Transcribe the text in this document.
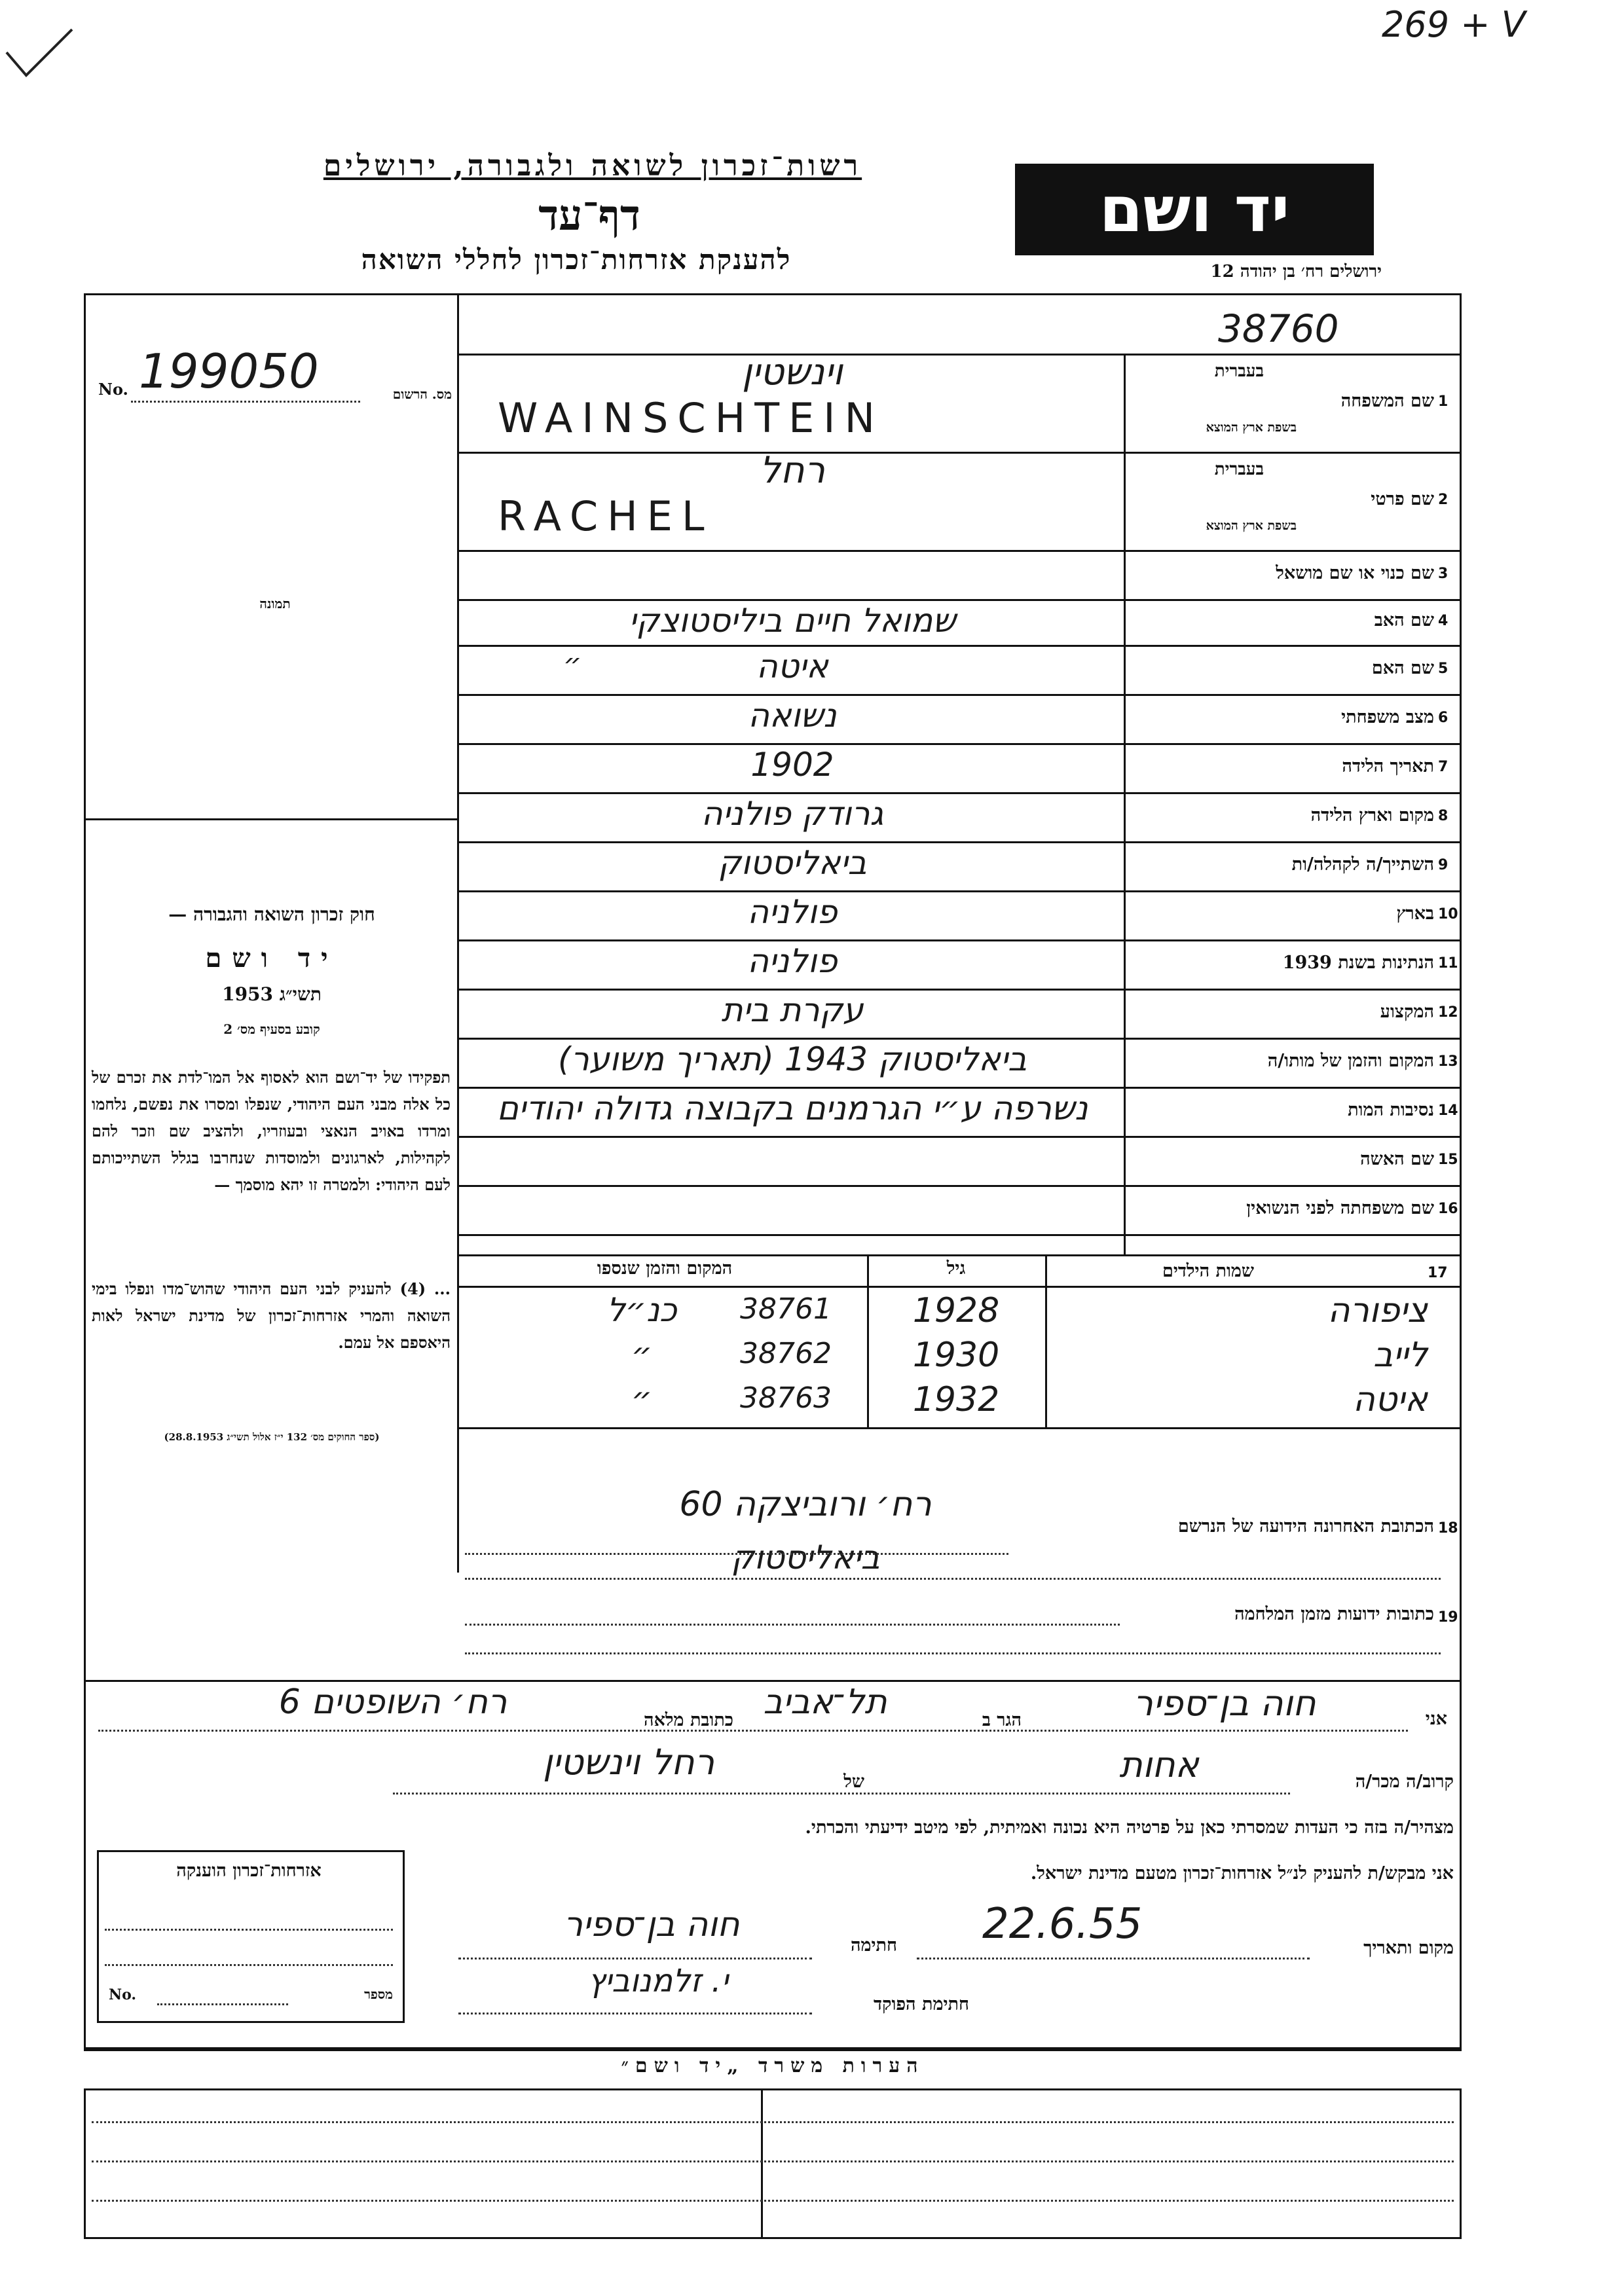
269 + V
רשות־זכרון לשואה ולגבורה, ירושלים
דף־עד
להענקת אזרחות־זכרון לחללי השואה
יד ושם
ירושלים רח׳ בן יהודה 12
38760
No. 199050	מס. הרשום
תמונה
1
שם המשפחה
בעברית
בשפת ארץ המוצא
וינשטין
WAINSCHTEIN
2
שם פרטי
בעברית
בשפת ארץ המוצא
רחל
RACHEL
3
שם כנוי או שם מושאל
4
שם האב
שמואל חיים ביליסטוצקי
5
שם האם
איטה
״
6
מצב משפחתי
נשואה
7
תאריך הלידה
1902
8
מקום וארץ הלידה
גרודק פולניה
9
השתייך/ה לקהלה/ות
ביאליסטוק
10
בארץ
פולניה
11
הנתינות בשנת 1939
פולניה
12
המקצוע
עקרת בית
13
המקום והזמן של מותו/ה
ביאליסטוק 1943 (תאריך משוער)
14
נסיבות המות
נשרפה ע״י הגרמנים בקבוצה גדולה יהודים
15
שם האשה
16
שם משפחתה לפני הנשואין
חוק זכרון השואה והגבורה —
יד ושם
תשי״ג 1953
קובע בסעיף מס׳ 2
תפקידו של יד־ושם הוא לאסוף אל המו־לדת את זכרם של כל אלה מבני העם היהודי, שנפלו ומסרו את נפשם, נלחמו ומרדו באויב הנאצי ובעוזריו, ולהציב שם וזכר להם לקהילות, לארגונים ולמוסדות שנחרבו בגלל השתייכותם לעם היהודי: ולמטרה זו יהא מוסמך —
... (4) להעניק לבני העם היהודי שהוש־מדו ונפלו בימי השואה והמרי אזרחות־זכרון של מדינת ישראל לאות היאספם אל עמם.
(ספר החוקים מס׳ 132 י״ז אלול תשי״ג 28.8.1953)
17
שמות הילדים
גיל
המקום והזמן שנספו
ציפורה
1928
38761
כנ״ל
לייב
1930
38762
״
איטה
1932
38763
״
18
הכתובת האחרונה הידועה של הנרשם
רח׳ ורוביצקה 60
ביאליסטוק
19
כתובות ידועות מזמן המלחמה
אני
חוה בן־ספיר
הגר ב
תל־אביב
כתובת מלאה
רח׳ השופטים 6
קרוב/ה מכר/ה
אחות
של
רחל וינשטין
מצהיר/ה בזה כי העדות שמסרתי כאן על פרטיה היא נכונה ואמיתית, לפי מיטב ידיעתי והכרתי.
אני מבקש/ת להעניק לנ״ל אזרחות־זכרון מטעם מדינת ישראל.
מקום ותאריך
22.6.55
חתימה
חוה בן־ספיר
חתימת הפוקד
י. זלמנוביץ
אזרחות־זכרון הוענקה
No.	מספר
הערות משרד „יד ושם״
